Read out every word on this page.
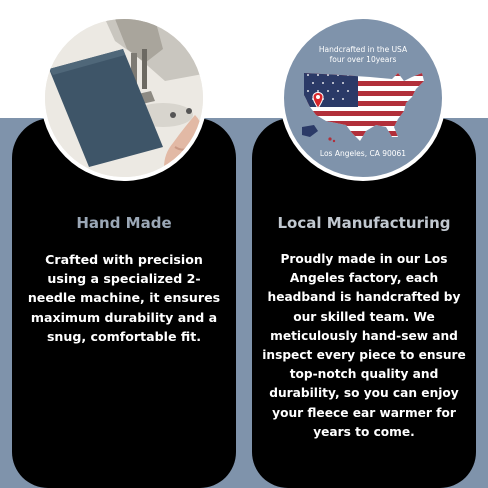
Hand Made
Crafted with precision using a specialized 2-needle machine, it ensures maximum durability and a snug, comfortable fit.
Local Manufacturing
Proudly made in our Los Angeles factory, each headband is handcrafted by our skilled team. We meticulously hand-sew and inspect every piece to ensure top-notch quality and durability, so you can enjoy your fleece ear warmer for years to come.
Handcrafted in the USA
four over 10years
Los Angeles, CA 90061
